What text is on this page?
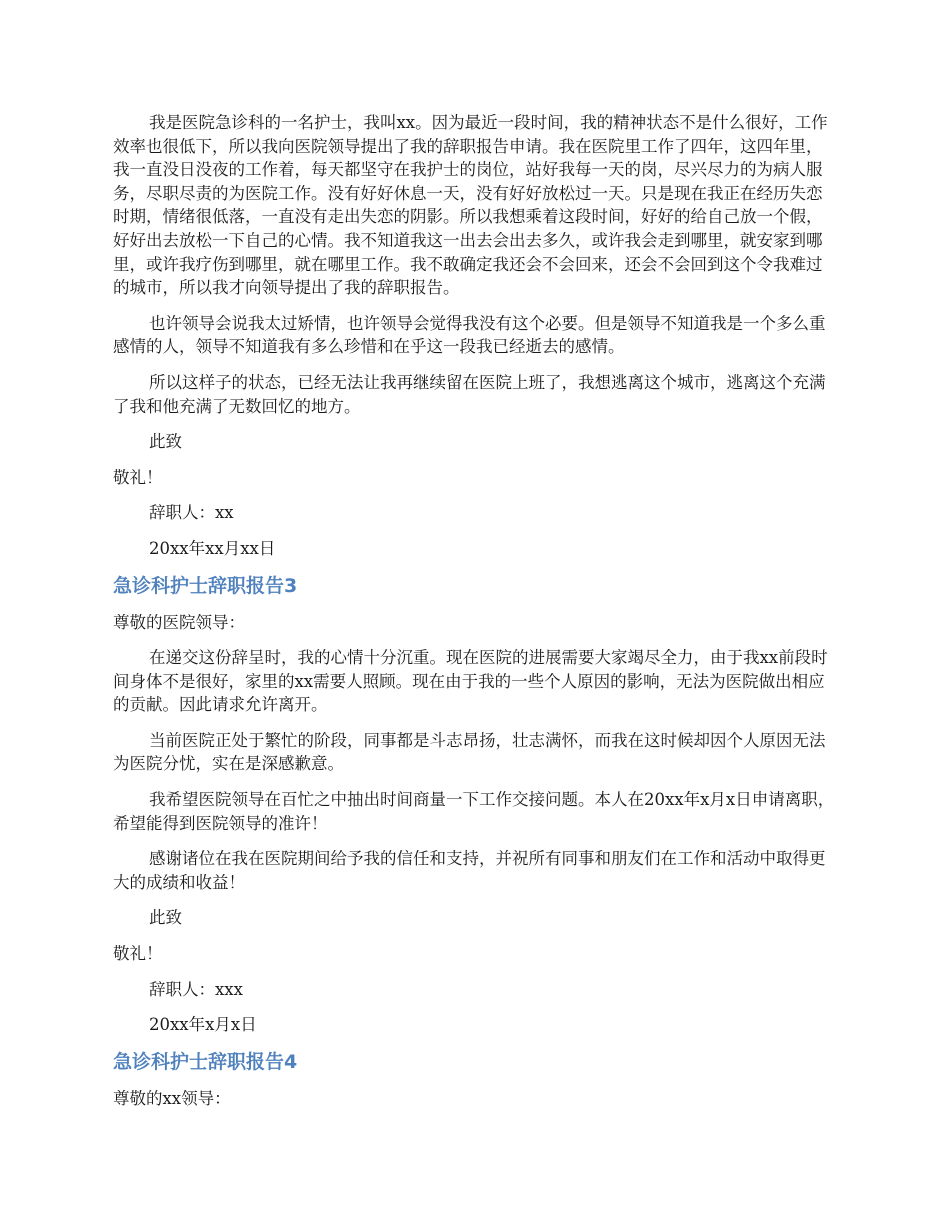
我是医院急诊科的一名护士，我叫xx。因为最近一段时间，我的精神状态不是什么很好，工作效率也很低下，所以我向医院领导提出了我的辞职报告申请。我在医院里工作了四年，这四年里，我一直没日没夜的工作着，每天都坚守在我护士的岗位，站好我每一天的岗，尽兴尽力的为病人服务，尽职尽责的为医院工作。没有好好休息一天，没有好好放松过一天。只是现在我正在经历失恋时期，情绪很低落，一直没有走出失恋的阴影。所以我想乘着这段时间，好好的给自己放一个假，好好出去放松一下自己的心情。我不知道我这一出去会出去多久，或许我会走到哪里，就安家到哪里，或许我疗伤到哪里，就在哪里工作。我不敢确定我还会不会回来，还会不会回到这个令我难过的城市，所以我才向领导提出了我的辞职报告。

也许领导会说我太过矫情，也许领导会觉得我没有这个必要。但是领导不知道我是一个多么重感情的人，领导不知道我有多么珍惜和在乎这一段我已经逝去的感情。

所以这样子的状态，已经无法让我再继续留在医院上班了，我想逃离这个城市，逃离这个充满了我和他充满了无数回忆的地方。

此致

敬礼！

辞职人：xx

20xx年xx月xx日

急诊科护士辞职报告3

尊敬的医院领导：

在递交这份辞呈时，我的心情十分沉重。现在医院的进展需要大家竭尽全力，由于我xx前段时间身体不是很好，家里的xx需要人照顾。现在由于我的一些个人原因的影响，无法为医院做出相应的贡献。因此请求允许离开。

当前医院正处于繁忙的阶段，同事都是斗志昂扬，壮志满怀，而我在这时候却因个人原因无法为医院分忧，实在是深感歉意。

我希望医院领导在百忙之中抽出时间商量一下工作交接问题。本人在20xx年x月x日申请离职，希望能得到医院领导的准许！

感谢诸位在我在医院期间给予我的信任和支持，并祝所有同事和朋友们在工作和活动中取得更大的成绩和收益！

此致

敬礼！

辞职人：xxx

20xx年x月x日

急诊科护士辞职报告4

尊敬的xx领导：
